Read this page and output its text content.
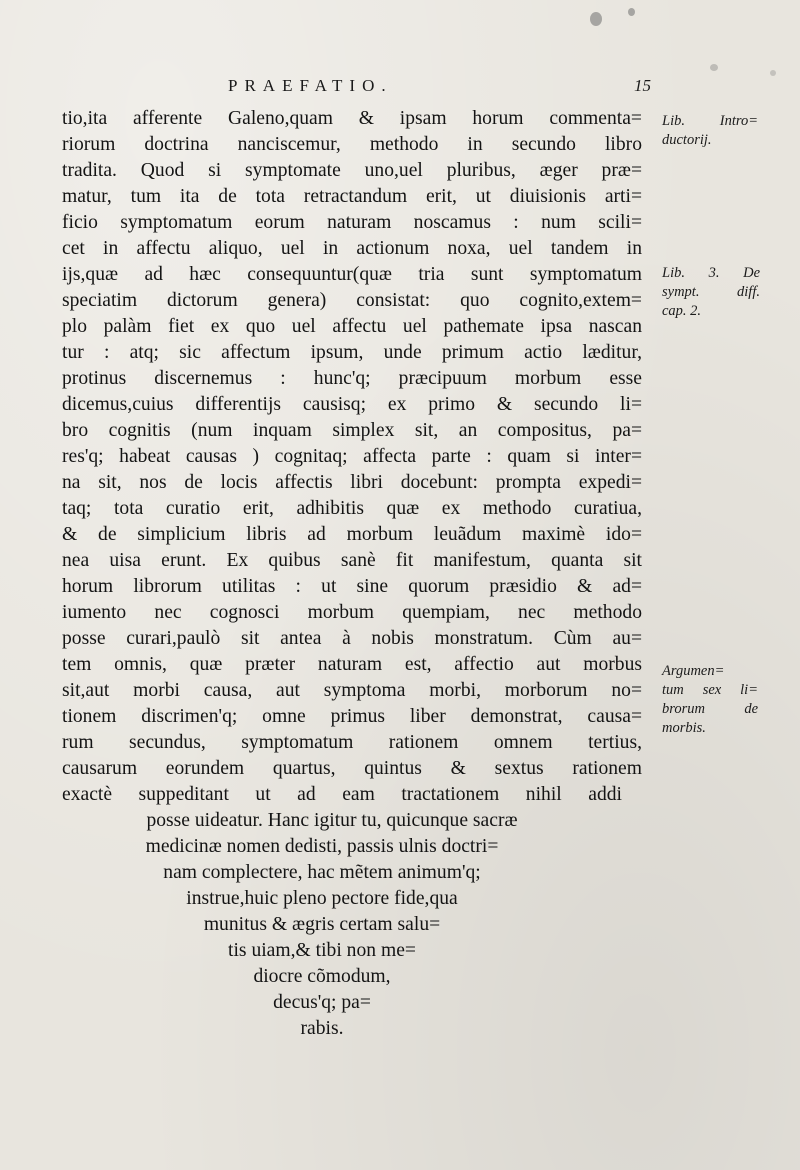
PRAEFATIO.	15
tio,ita afferente Galeno,quam & ipsam horum commenta=
riorum doctrina nanciscemur, methodo in secundo libro
tradita. Quod si symptomate uno,uel pluribus, æger præ=
matur, tum ita de tota retractandum erit, ut diuisionis arti=
ficio symptomatum eorum naturam noscamus : num scili=
cet in affectu aliquo, uel in actionum noxa, uel tandem in
ijs,quæ ad hæc consequuntur(quæ tria sunt symptomatum
speciatim dictorum genera) consistat: quo cognito,extem=
plo palàm fiet ex quo uel affectu uel pathemate ipsa nascan
tur : atq; sic affectum ipsum, unde primum actio læditur,
protinus discernemus : hunc'q; præcipuum morbum esse
dicemus,cuius differentijs causisq; ex primo & secundo li=
bro cognitis (num inquam simplex sit, an compositus, pa=
res'q; habeat causas ) cognitaq; affecta parte : quam si inter=
na sit, nos de locis affectis libri docebunt: prompta expedi=
taq; tota curatio erit, adhibitis quæ ex methodo curatiua,
& de simplicium libris ad morbum leuãdum maximè ido=
nea uisa erunt. Ex quibus sanè fit manifestum, quanta sit
horum librorum utilitas : ut sine quorum præsidio & ad=
iumento nec cognosci morbum quempiam, nec methodo
posse curari,paulò sit antea à nobis monstratum. Cùm au=
tem omnis, quæ præter naturam est, affectio aut morbus
sit,aut morbi causa, aut symptoma morbi, morborum no=
tionem discrimen'q; omne primus liber demonstrat, causa=
rum secundus, symptomatum rationem omnem tertius,
causarum eorundem quartus, quintus & sextus rationem
exactè suppeditant ut ad eam tractationem nihil addi
posse uideatur. Hanc igitur tu, quicunque sacræ
medicinæ nomen dedisti, passis ulnis doctri=
nam complectere, hac mẽtem animum'q;
instrue,huic pleno pectore fide,qua
munitus & ægris certam salu=
tis uiam,& tibi non me=
diocre cõmodum,
decus'q; pa=
rabis.
Lib. Intro=
ductorij.
Lib. 3. De
sympt. diff.
cap. 2.
Argumen=
tum sex li=
brorum de
morbis.
